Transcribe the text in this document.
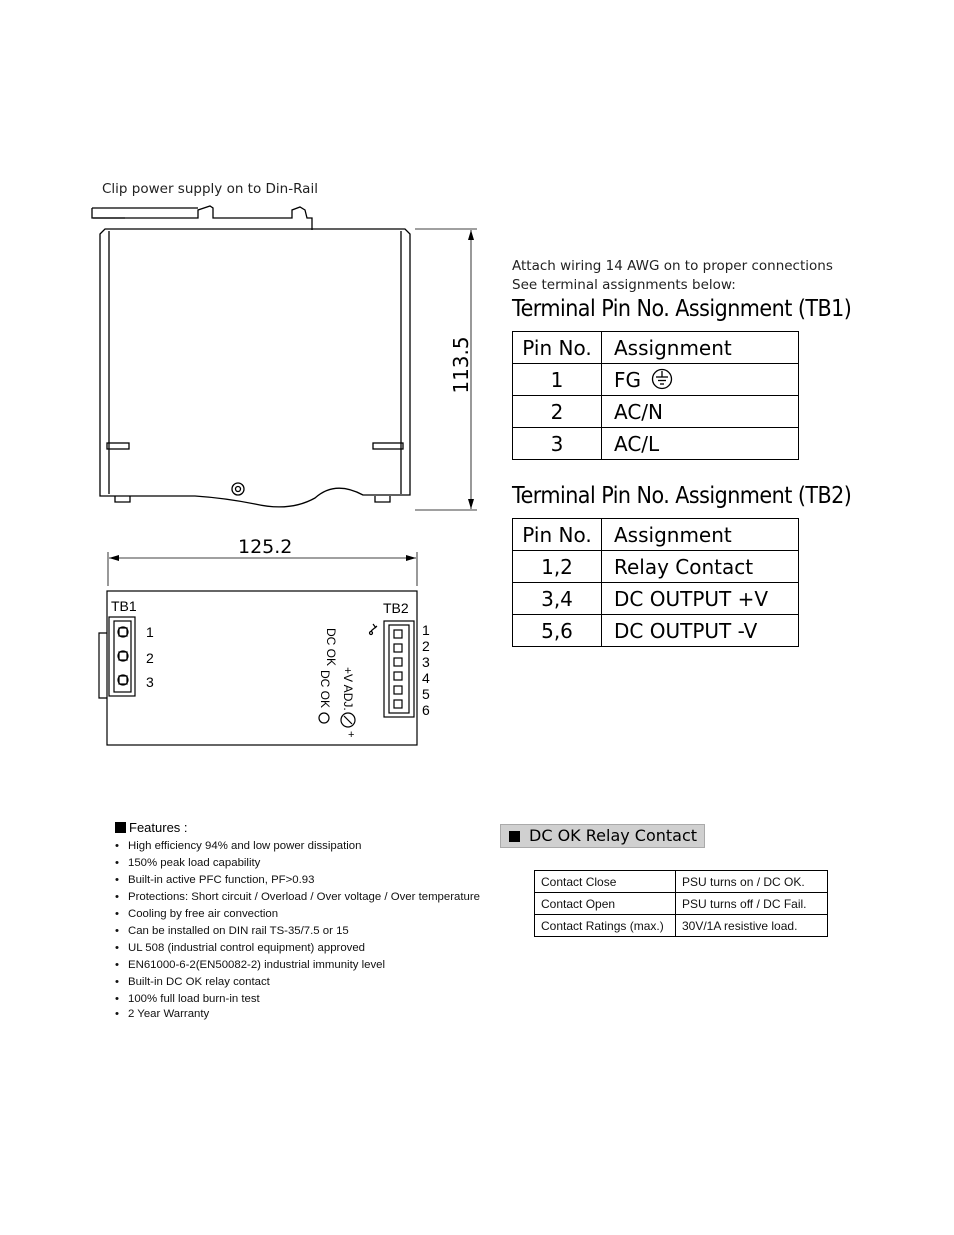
Clip power supply on to Din-Rail
113.5
125.2
TB1	TB2
1
2
3
1
2
3
4
5
6
DC OK
+V ADJ.
DC OK
+
Attach wiring 14 AWG on to proper connections
See terminal assignments below:
Terminal Pin No. Assignment (TB1)
Pin No.	Assignment
1	FG
2	AC/N
3	AC/L
Terminal Pin No. Assignment (TB2)
Pin No.	Assignment
1,2	Relay Contact
3,4	DC OUTPUT +V
5,6	DC OUTPUT -V
Features :
• High efficiency 94% and low power dissipation
• 150% peak load capability
• Built-in active PFC function, PF>0.93
• Protections: Short circuit / Overload / Over voltage / Over temperature
• Cooling by free air convection
• Can be installed on DIN rail TS-35/7.5 or 15
• UL 508 (industrial control equipment) approved
• EN61000-6-2(EN50082-2) industrial immunity level
• Built-in DC OK relay contact
• 100% full load burn-in test
• 2 Year Warranty
DC OK Relay Contact
Contact Close	PSU turns on / DC OK.
Contact Open	PSU turns off / DC Fail.
Contact Ratings (max.)	30V/1A resistive load.
